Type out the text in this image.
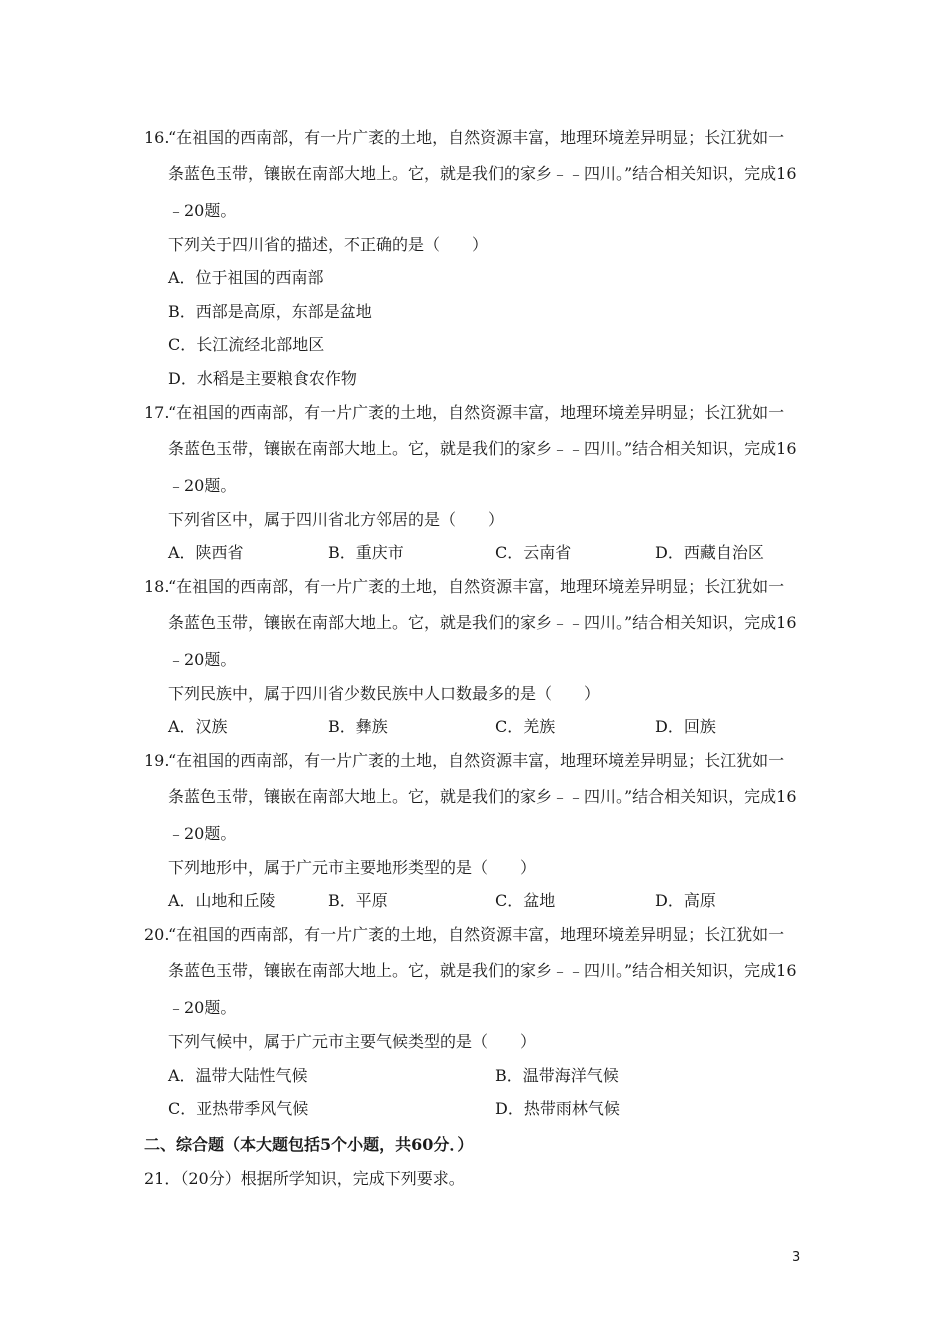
16.
“在祖国的西南部，有一片广袤的土地，自然资源丰富，地理环境差异明显；长江犹如一
条蓝色玉带，镶嵌在南部大地上。它，就是我们的家乡﹣﹣四川。”结合相关知识，完成16
﹣20题。
下列关于四川省的描述，不正确的是（　　）
A．位于祖国的西南部
B．西部是高原，东部是盆地
C．长江流经北部地区
D．水稻是主要粮食农作物
17.
“在祖国的西南部，有一片广袤的土地，自然资源丰富，地理环境差异明显；长江犹如一
条蓝色玉带，镶嵌在南部大地上。它，就是我们的家乡﹣﹣四川。”结合相关知识，完成16
﹣20题。
下列省区中，属于四川省北方邻居的是（　　）
A．陕西省	B．重庆市	C．云南省	D．西藏自治区
18.
“在祖国的西南部，有一片广袤的土地，自然资源丰富，地理环境差异明显；长江犹如一
条蓝色玉带，镶嵌在南部大地上。它，就是我们的家乡﹣﹣四川。”结合相关知识，完成16
﹣20题。
下列民族中，属于四川省少数民族中人口数最多的是（　　）
A．汉族	B．彝族	C．羌族	D．回族
19.
“在祖国的西南部，有一片广袤的土地，自然资源丰富，地理环境差异明显；长江犹如一
条蓝色玉带，镶嵌在南部大地上。它，就是我们的家乡﹣﹣四川。”结合相关知识，完成16
﹣20题。
下列地形中，属于广元市主要地形类型的是（　　）
A．山地和丘陵	B．平原	C．盆地	D．高原
20.
“在祖国的西南部，有一片广袤的土地，自然资源丰富，地理环境差异明显；长江犹如一
条蓝色玉带，镶嵌在南部大地上。它，就是我们的家乡﹣﹣四川。”结合相关知识，完成16
﹣20题。
下列气候中，属于广元市主要气候类型的是（　　）
A．温带大陆性气候	B．温带海洋气候
C．亚热带季风气候	D．热带雨林气候
二、综合题（本大题包括5个小题，共60分．）
21．（20分）根据所学知识，完成下列要求。
3
